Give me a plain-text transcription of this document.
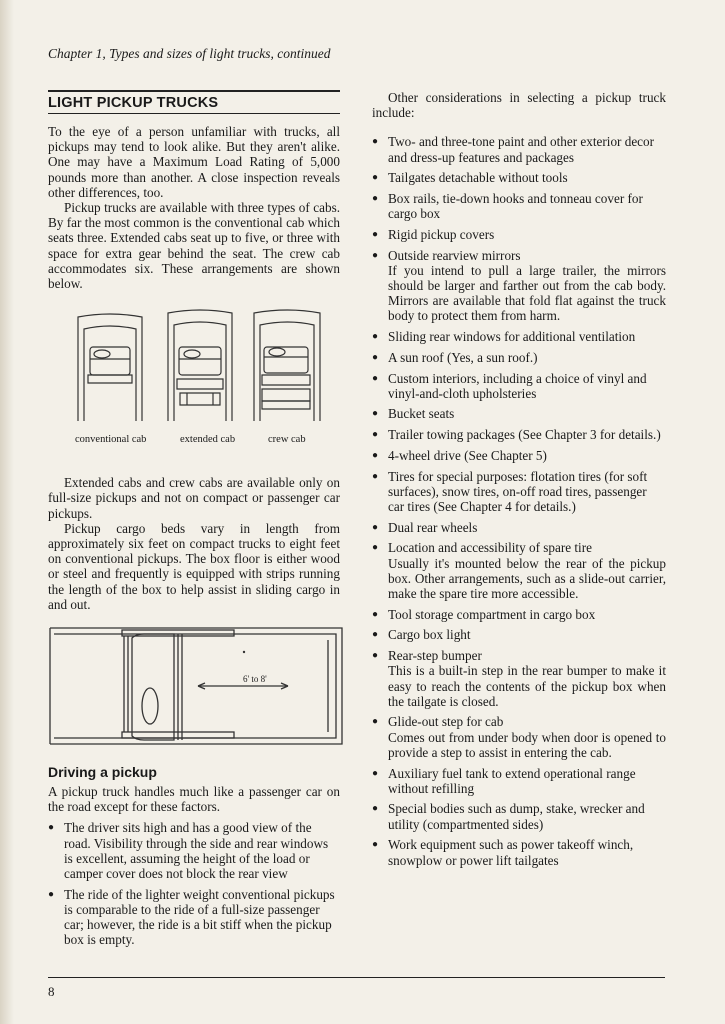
Chapter 1, Types and sizes of light trucks, continued
LIGHT PICKUP TRUCKS

To the eye of a person unfamiliar with trucks, all pickups may tend to look alike. But they aren't alike. One may have a Maximum Load Rating of 5,000 pounds more than another. A close inspection reveals other differences, too.

Pickup trucks are available with three types of cabs. By far the most common is the conventional cab which seats three. Extended cabs seat up to five, or three with space for extra gear behind the seat. The crew cab accommodates six. These arrangements are shown below.

conventional cab	extended cab	crew cab

Extended cabs and crew cabs are available only on full-size pickups and not on compact or passenger car pickups.

Pickup cargo beds vary in length from approximately six feet on compact trucks to eight feet on conventional pickups. The box floor is either wood or steel and frequently is equipped with strips running the length of the box to help assist in sliding cargo in and out.

6' to 8'
Driving a pickup

A pickup truck handles much like a passenger car on the road except for these factors.

● The driver sits high and has a good view of the road. Visibility through the side and rear windows is excellent, assuming the height of the load or camper cover does not block the rear view
● The ride of the lighter weight conventional pickups is comparable to the ride of a full-size passenger car; however, the ride is a bit stiff when the pickup box is empty.

Other considerations in selecting a pickup truck include:

● Two- and three-tone paint and other exterior decor and dress-up features and packages
● Tailgates detachable without tools
● Box rails, tie-down hooks and tonneau cover for cargo box
● Rigid pickup covers
● Outside rearview mirrors
If you intend to pull a large trailer, the mirrors should be larger and farther out from the cab body. Mirrors are available that fold flat against the truck body to protect them from harm.
● Sliding rear windows for additional ventilation
● A sun roof (Yes, a sun roof.)
● Custom interiors, including a choice of vinyl and vinyl-and-cloth upholsteries
● Bucket seats
● Trailer towing packages (See Chapter 3 for details.)
● 4-wheel drive (See Chapter 5)
● Tires for special purposes: flotation tires (for soft surfaces), snow tires, on-off road tires, passenger car tires (See Chapter 4 for details.)
● Dual rear wheels
● Location and accessibility of spare tire
Usually it's mounted below the rear of the pickup box. Other arrangements, such as a slide-out carrier, make the spare tire more accessible.
● Tool storage compartment in cargo box
● Cargo box light
● Rear-step bumper
This is a built-in step in the rear bumper to make it easy to reach the contents of the pickup box when the tailgate is closed.
● Glide-out step for cab
Comes out from under body when door is opened to provide a step to assist in entering the cab.
● Auxiliary fuel tank to extend operational range without refilling
● Special bodies such as dump, stake, wrecker and utility (compartmented sides)
● Work equipment such as power takeoff winch, snowplow or power lift tailgates
8
